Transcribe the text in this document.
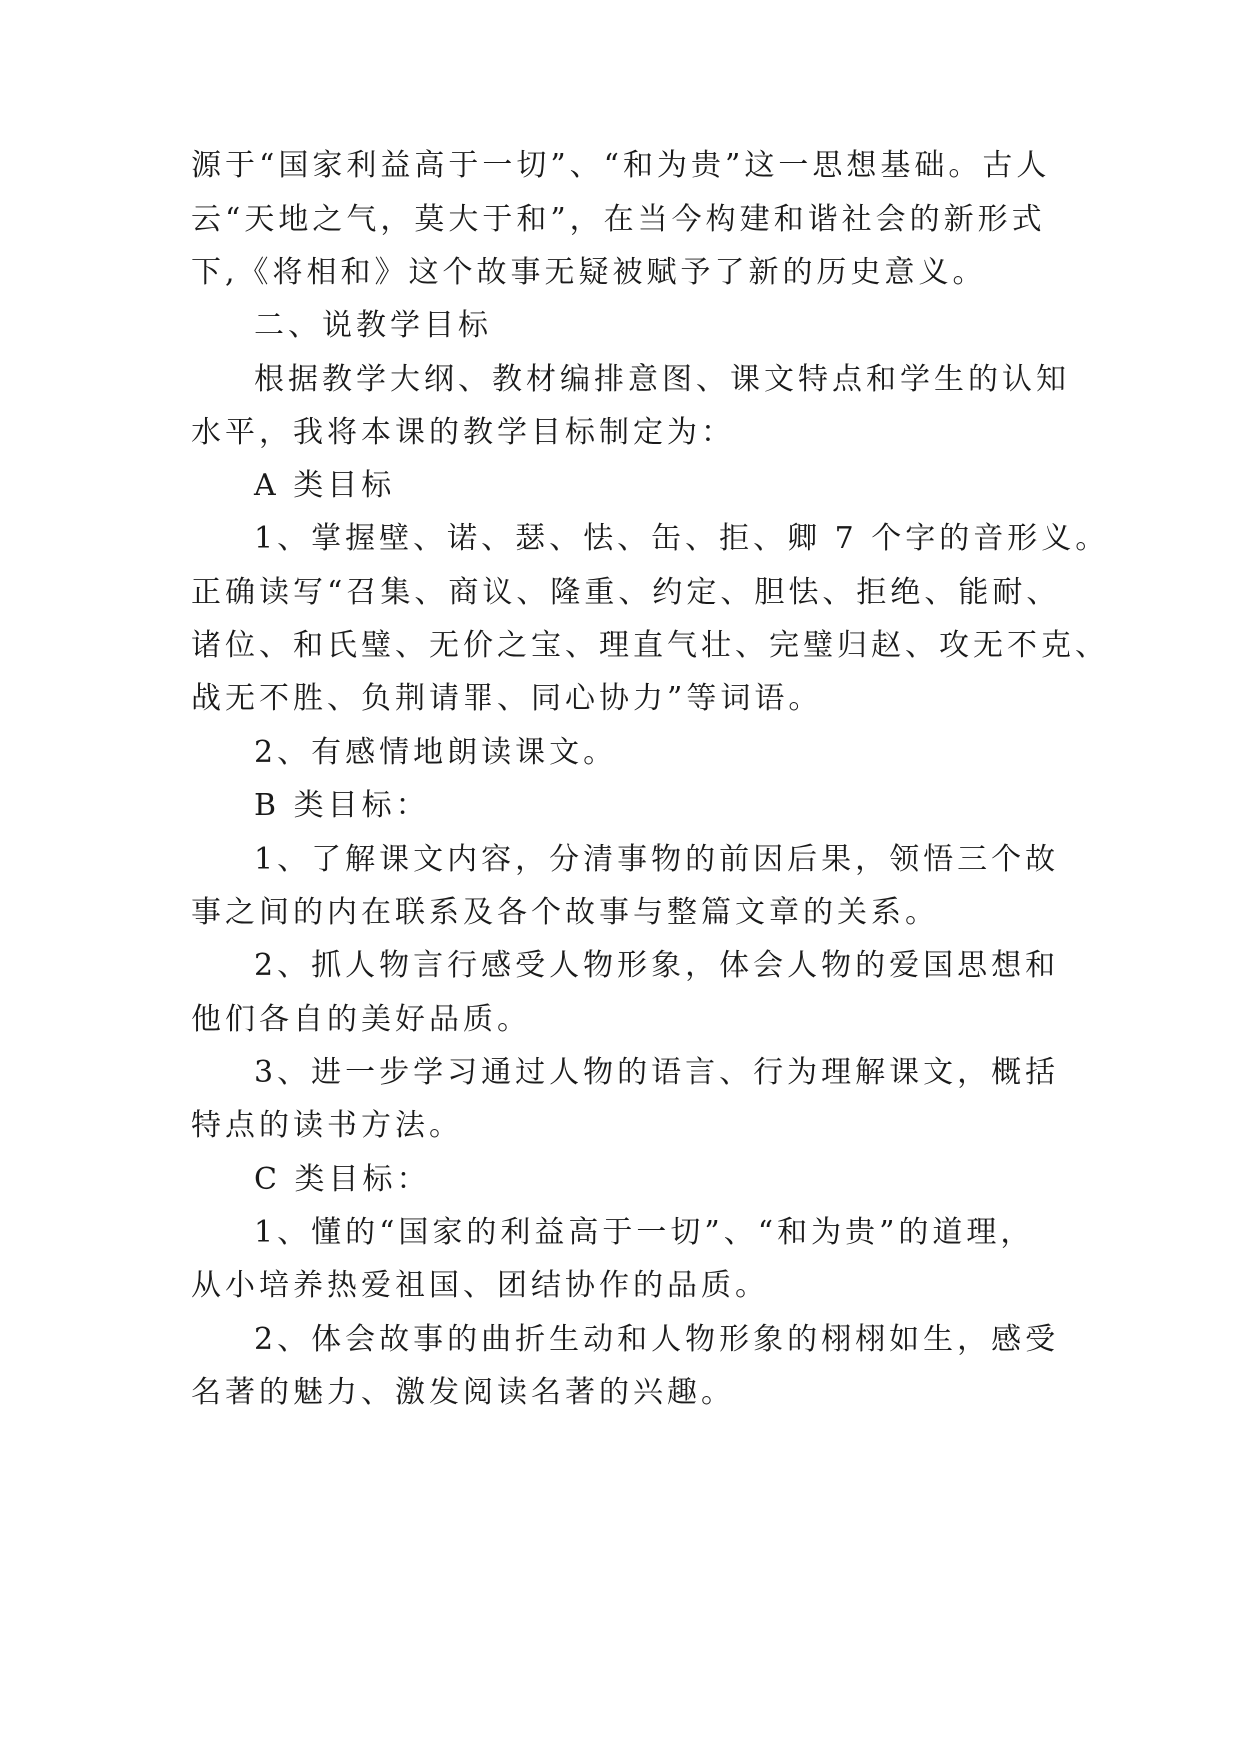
源于“国家利益高于一切”、“和为贵”这一思想基础。古人
云“天地之气，莫大于和”，在当今构建和谐社会的新形式
下,《将相和》这个故事无疑被赋予了新的历史意义。
二、说教学目标
根据教学大纲、教材编排意图、课文特点和学生的认知
水平，我将本课的教学目标制定为：
A 类目标
1、掌握壁、诺、瑟、怯、缶、拒、卿 7 个字的音形义。
正确读写“召集、商议、隆重、约定、胆怯、拒绝、能耐、
诸位、和氏璧、无价之宝、理直气壮、完璧归赵、攻无不克、
战无不胜、负荆请罪、同心协力”等词语。
2、有感情地朗读课文。
B 类目标：
1、了解课文内容，分清事物的前因后果，领悟三个故
事之间的内在联系及各个故事与整篇文章的关系。
2、抓人物言行感受人物形象，体会人物的爱国思想和
他们各自的美好品质。
3、进一步学习通过人物的语言、行为理解课文，概括
特点的读书方法。
C 类目标：
1、懂的“国家的利益高于一切”、“和为贵”的道理，
从小培养热爱祖国、团结协作的品质。
2、体会故事的曲折生动和人物形象的栩栩如生，感受
名著的魅力、激发阅读名著的兴趣。
